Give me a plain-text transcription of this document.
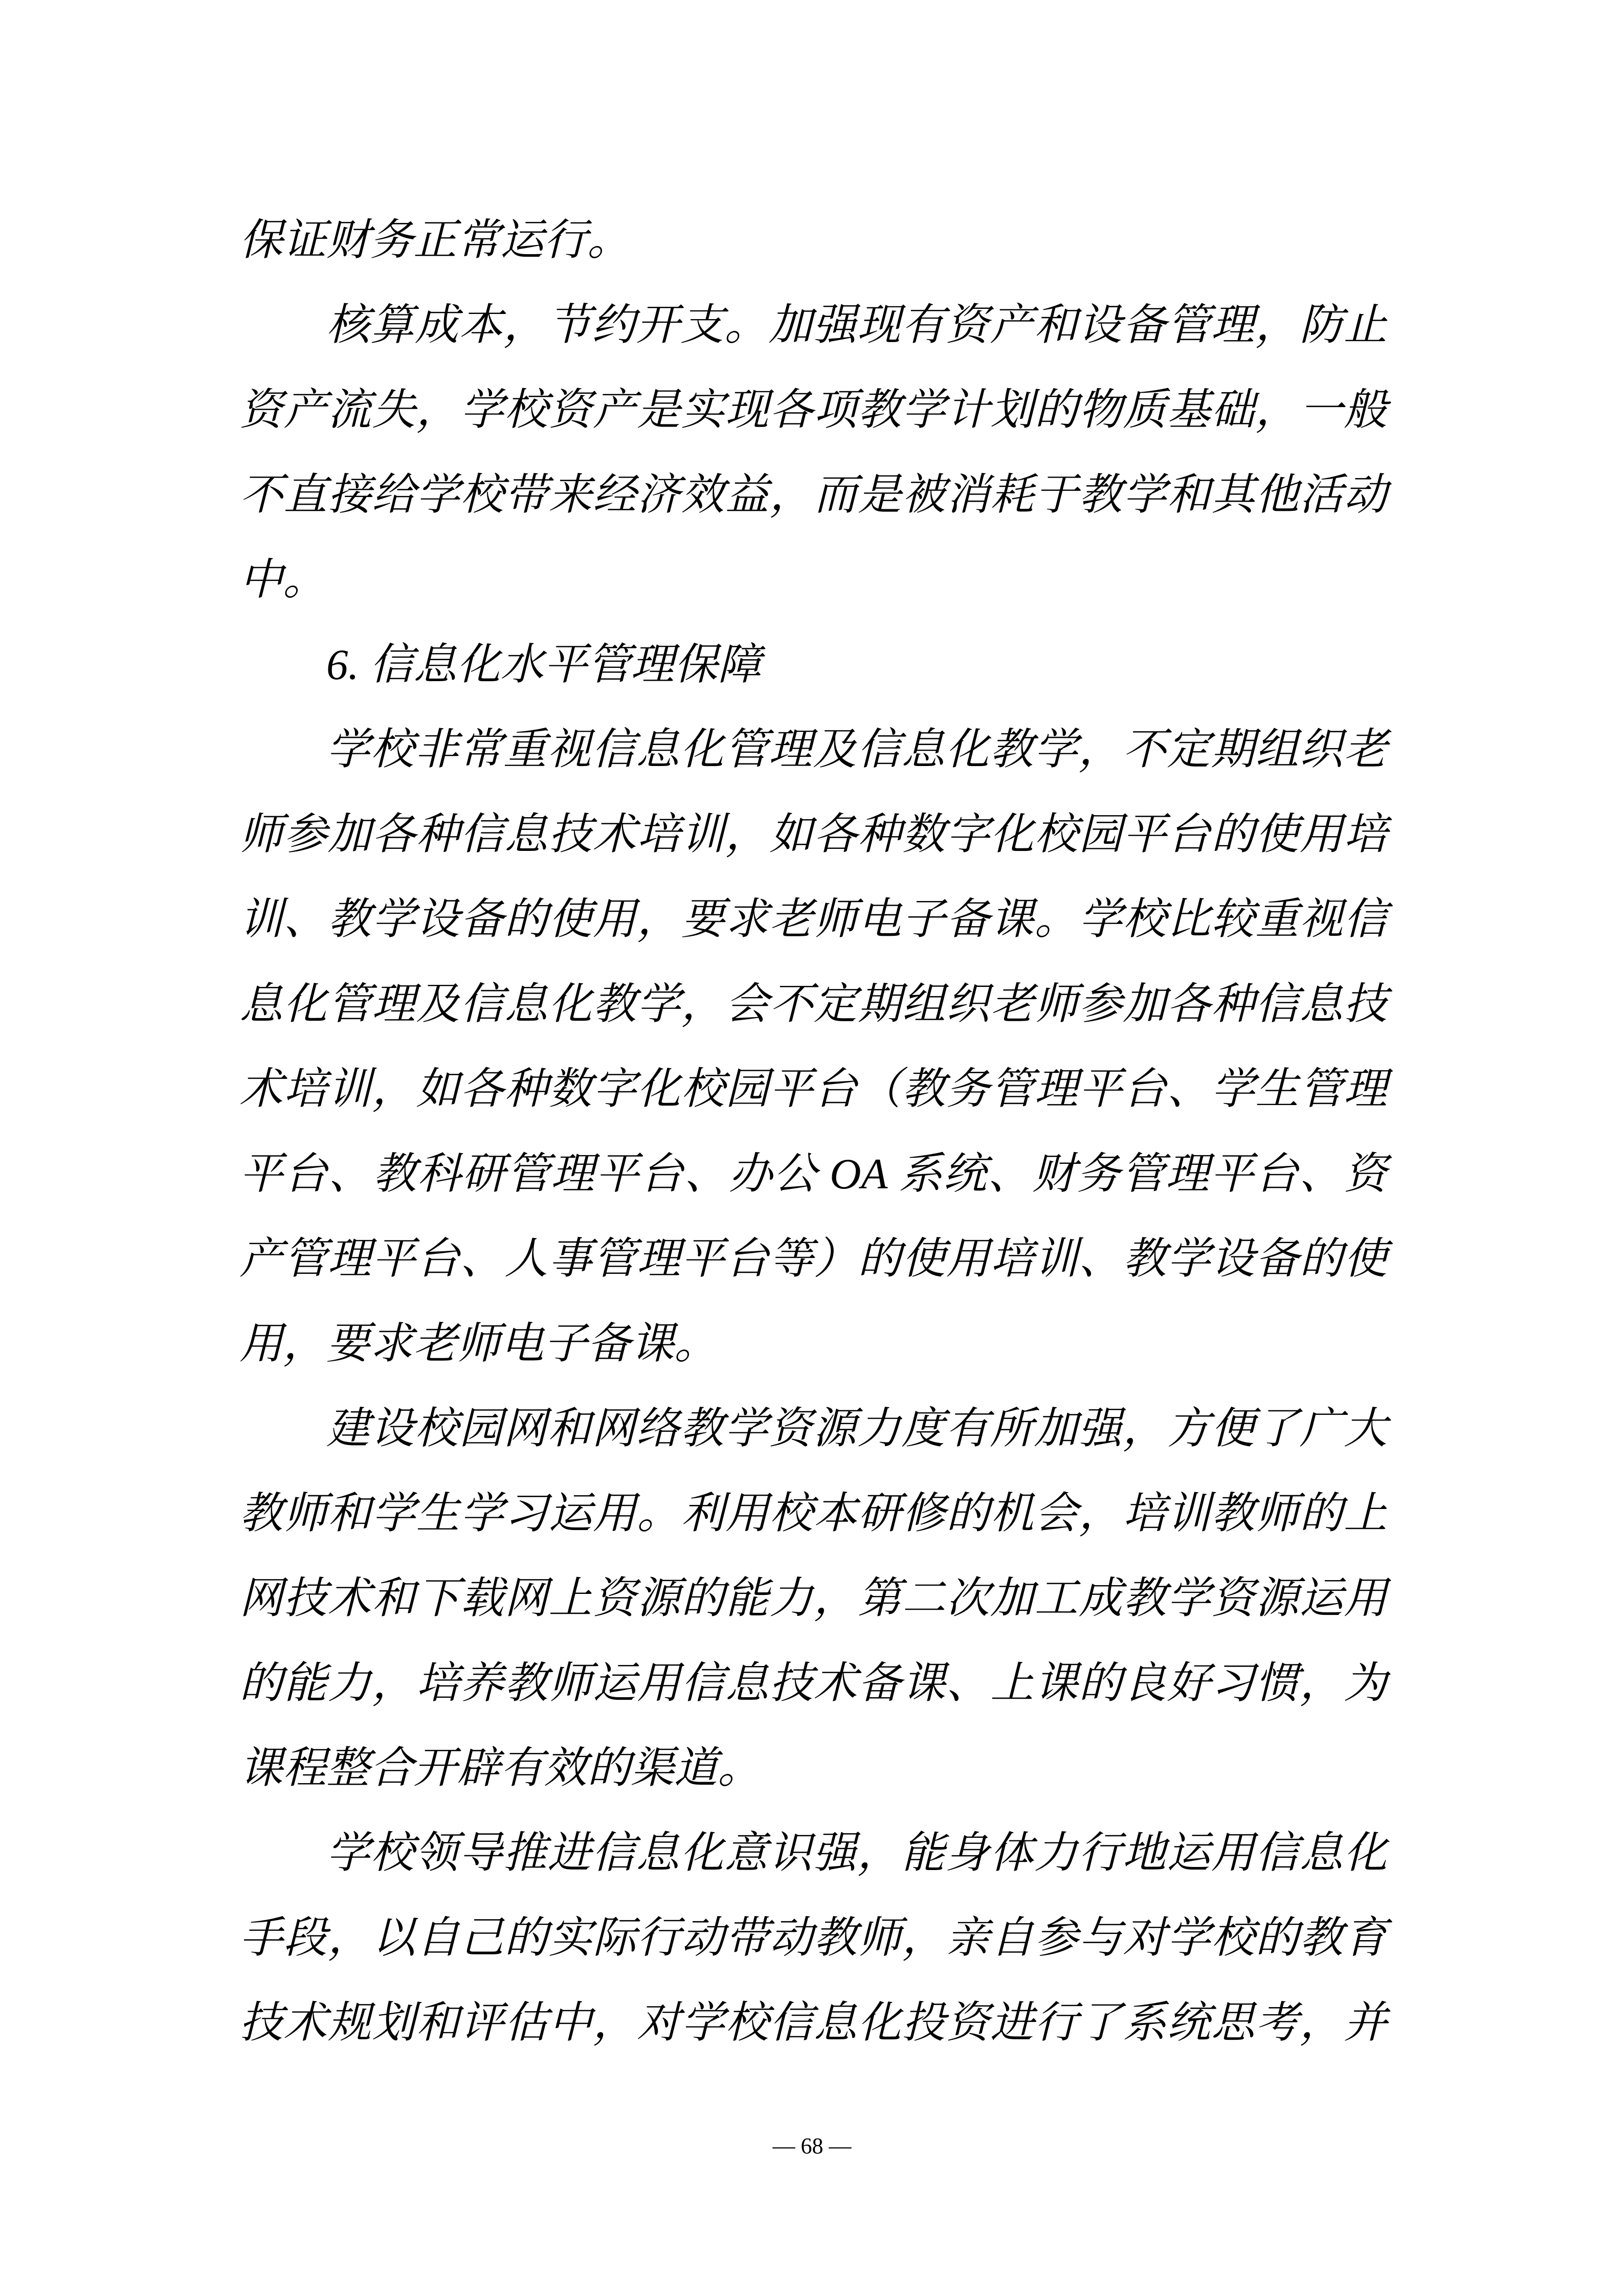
保证财务正常运行。
核算成本，节约开支。加强现有资产和设备管理，防止
资产流失，学校资产是实现各项教学计划的物质基础，一般
不直接给学校带来经济效益，而是被消耗于教学和其他活动
中。
6. 信息化水平管理保障
学校非常重视信息化管理及信息化教学，不定期组织老
师参加各种信息技术培训，如各种数字化校园平台的使用培
训、教学设备的使用，要求老师电子备课。学校比较重视信
息化管理及信息化教学，会不定期组织老师参加各种信息技
术培训，如各种数字化校园平台（教务管理平台、学生管理
平台、教科研管理平台、办公 OA 系统、财务管理平台、资
产管理平台、人事管理平台等）的使用培训、教学设备的使
用，要求老师电子备课。
建设校园网和网络教学资源力度有所加强，方便了广大
教师和学生学习运用。利用校本研修的机会，培训教师的上
网技术和下载网上资源的能力，第二次加工成教学资源运用
的能力，培养教师运用信息技术备课、上课的良好习惯，为
课程整合开辟有效的渠道。
学校领导推进信息化意识强，能身体力行地运用信息化
手段，以自己的实际行动带动教师，亲自参与对学校的教育
技术规划和评估中，对学校信息化投资进行了系统思考，并
— 68 —
